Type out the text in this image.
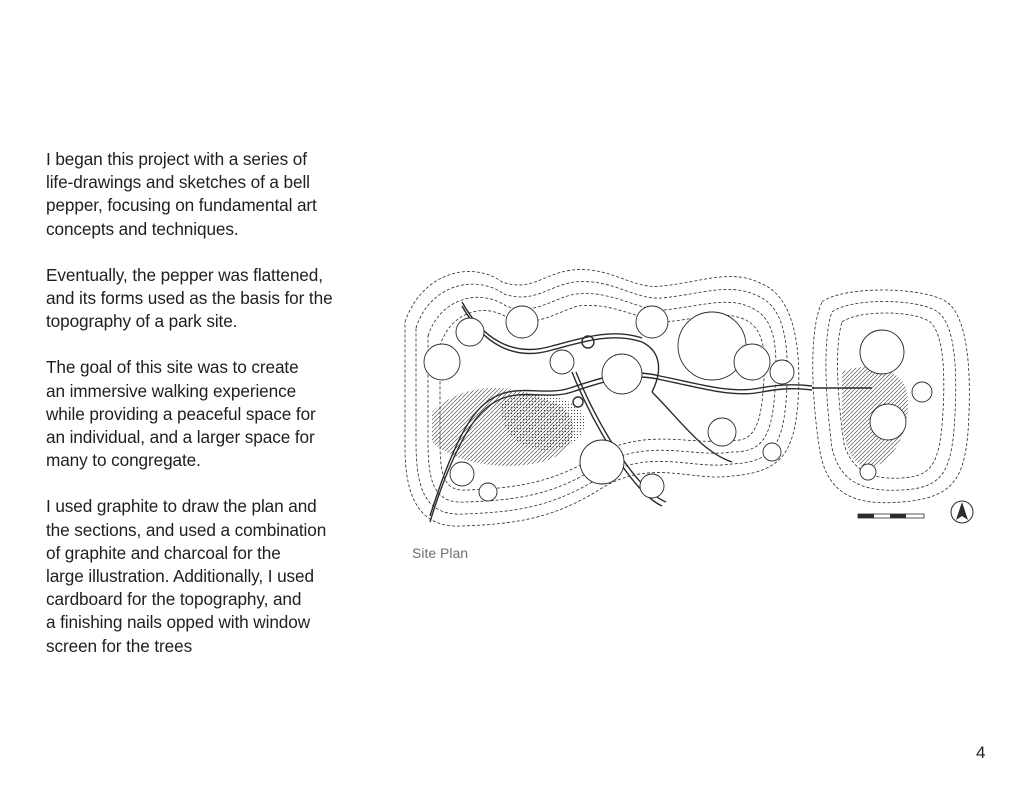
I began this project with a series of
life-drawings and sketches of a bell
pepper, focusing on fundamental art
concepts and techniques.

Eventually, the pepper was flattened,
and its forms used as the basis for the
topography of a park site.

The goal of this site was to create
an immersive walking experience
while providing a peaceful space for
an individual, and a larger space for
many to congregate.

I used graphite to draw the plan and
the sections, and used a combination
of graphite and charcoal for the
large illustration. Additionally, I used
cardboard for the topography, and
a finishing nails opped with window
screen for the trees

Site Plan
4
